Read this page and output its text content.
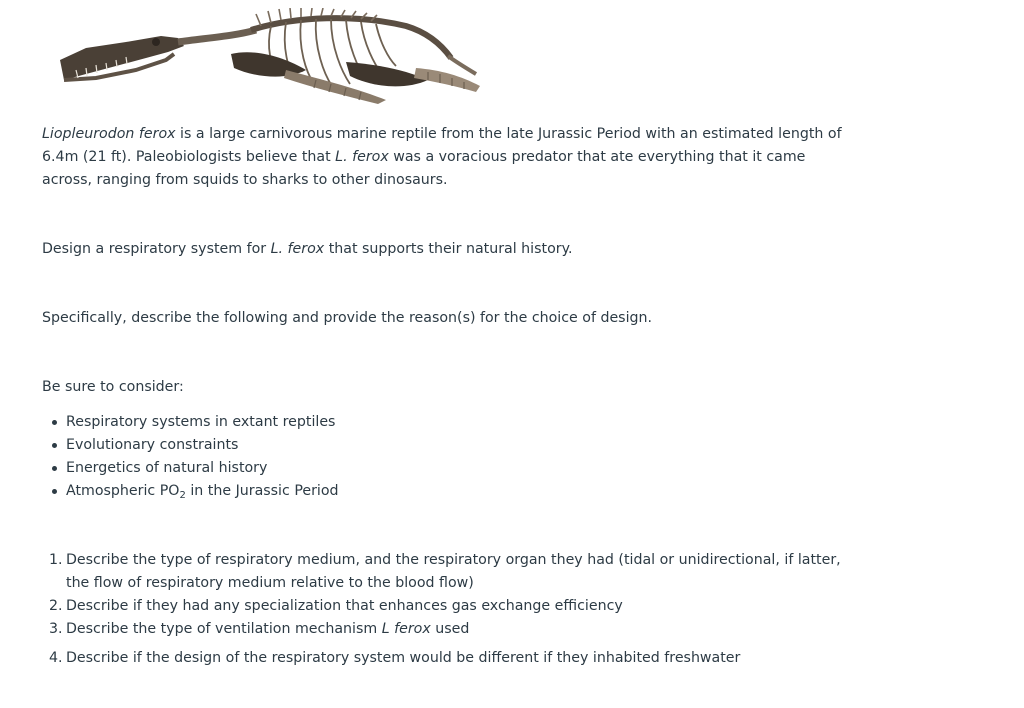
Liopleurodon ferox is a large carnivorous marine reptile from the late Jurassic Period with an estimated length of 6.4m (21 ft). Paleobiologists believe that L. ferox was a voracious predator that ate everything that it came across, ranging from squids to sharks to other dinosaurs.

Design a respiratory system for L. ferox that supports their natural history.

Specifically, describe the following and provide the reason(s) for the choice of design.

Be sure to consider:

Respiratory systems in extant reptiles
Evolutionary constraints
Energetics of natural history
Atmospheric $PO_2$ in the Jurassic Period
1. Describe the type of respiratory medium, and the respiratory organ they had (tidal or unidirectional, if latter, the flow of respiratory medium relative to the blood flow)
2. Describe if they had any specialization that enhances gas exchange efficiency
3. Describe the type of ventilation mechanism L ferox used
4. Describe if the design of the respiratory system would be different if they inhabited freshwater
